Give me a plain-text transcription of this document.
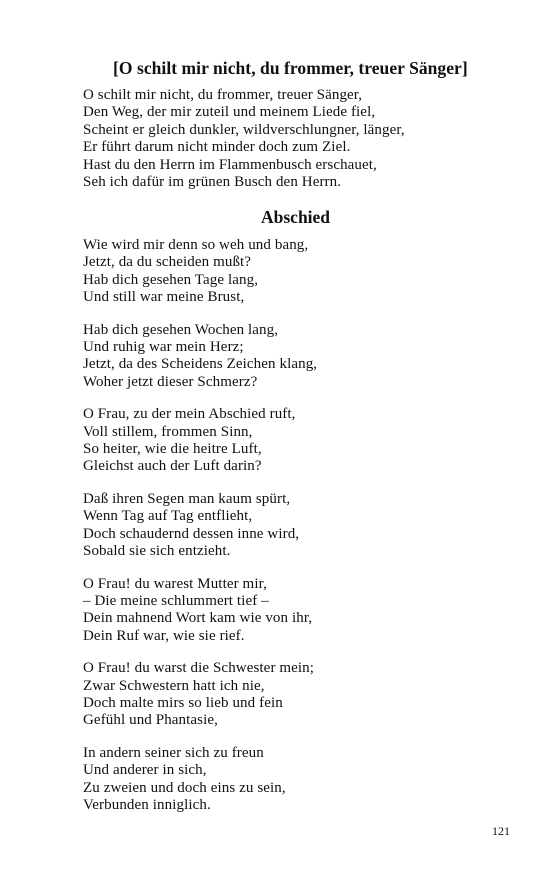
[O schilt mir nicht, du frommer, treuer Sänger]
O schilt mir nicht, du frommer, treuer Sänger,
Den Weg, der mir zuteil und meinem Liede fiel,
Scheint er gleich dunkler, wildverschlungner, länger,
Er führt darum nicht minder doch zum Ziel.
Hast du den Herrn im Flammenbusch erschauet,
Seh ich dafür im grünen Busch den Herrn.
Abschied
Wie wird mir denn so weh und bang,
Jetzt, da du scheiden mußt?
Hab dich gesehen Tage lang,
Und still war meine Brust,
Hab dich gesehen Wochen lang,
Und ruhig war mein Herz;
Jetzt, da des Scheidens Zeichen klang,
Woher jetzt dieser Schmerz?
O Frau, zu der mein Abschied ruft,
Voll stillem, frommen Sinn,
So heiter, wie die heitre Luft,
Gleichst auch der Luft darin?
Daß ihren Segen man kaum spürt,
Wenn Tag auf Tag entflieht,
Doch schaudernd dessen inne wird,
Sobald sie sich entzieht.
O Frau! du warest Mutter mir,
– Die meine schlummert tief –
Dein mahnend Wort kam wie von ihr,
Dein Ruf war, wie sie rief.
O Frau! du warst die Schwester mein;
Zwar Schwestern hatt ich nie,
Doch malte mirs so lieb und fein
Gefühl und Phantasie,
In andern seiner sich zu freun
Und anderer in sich,
Zu zweien und doch eins zu sein,
Verbunden inniglich.
121
